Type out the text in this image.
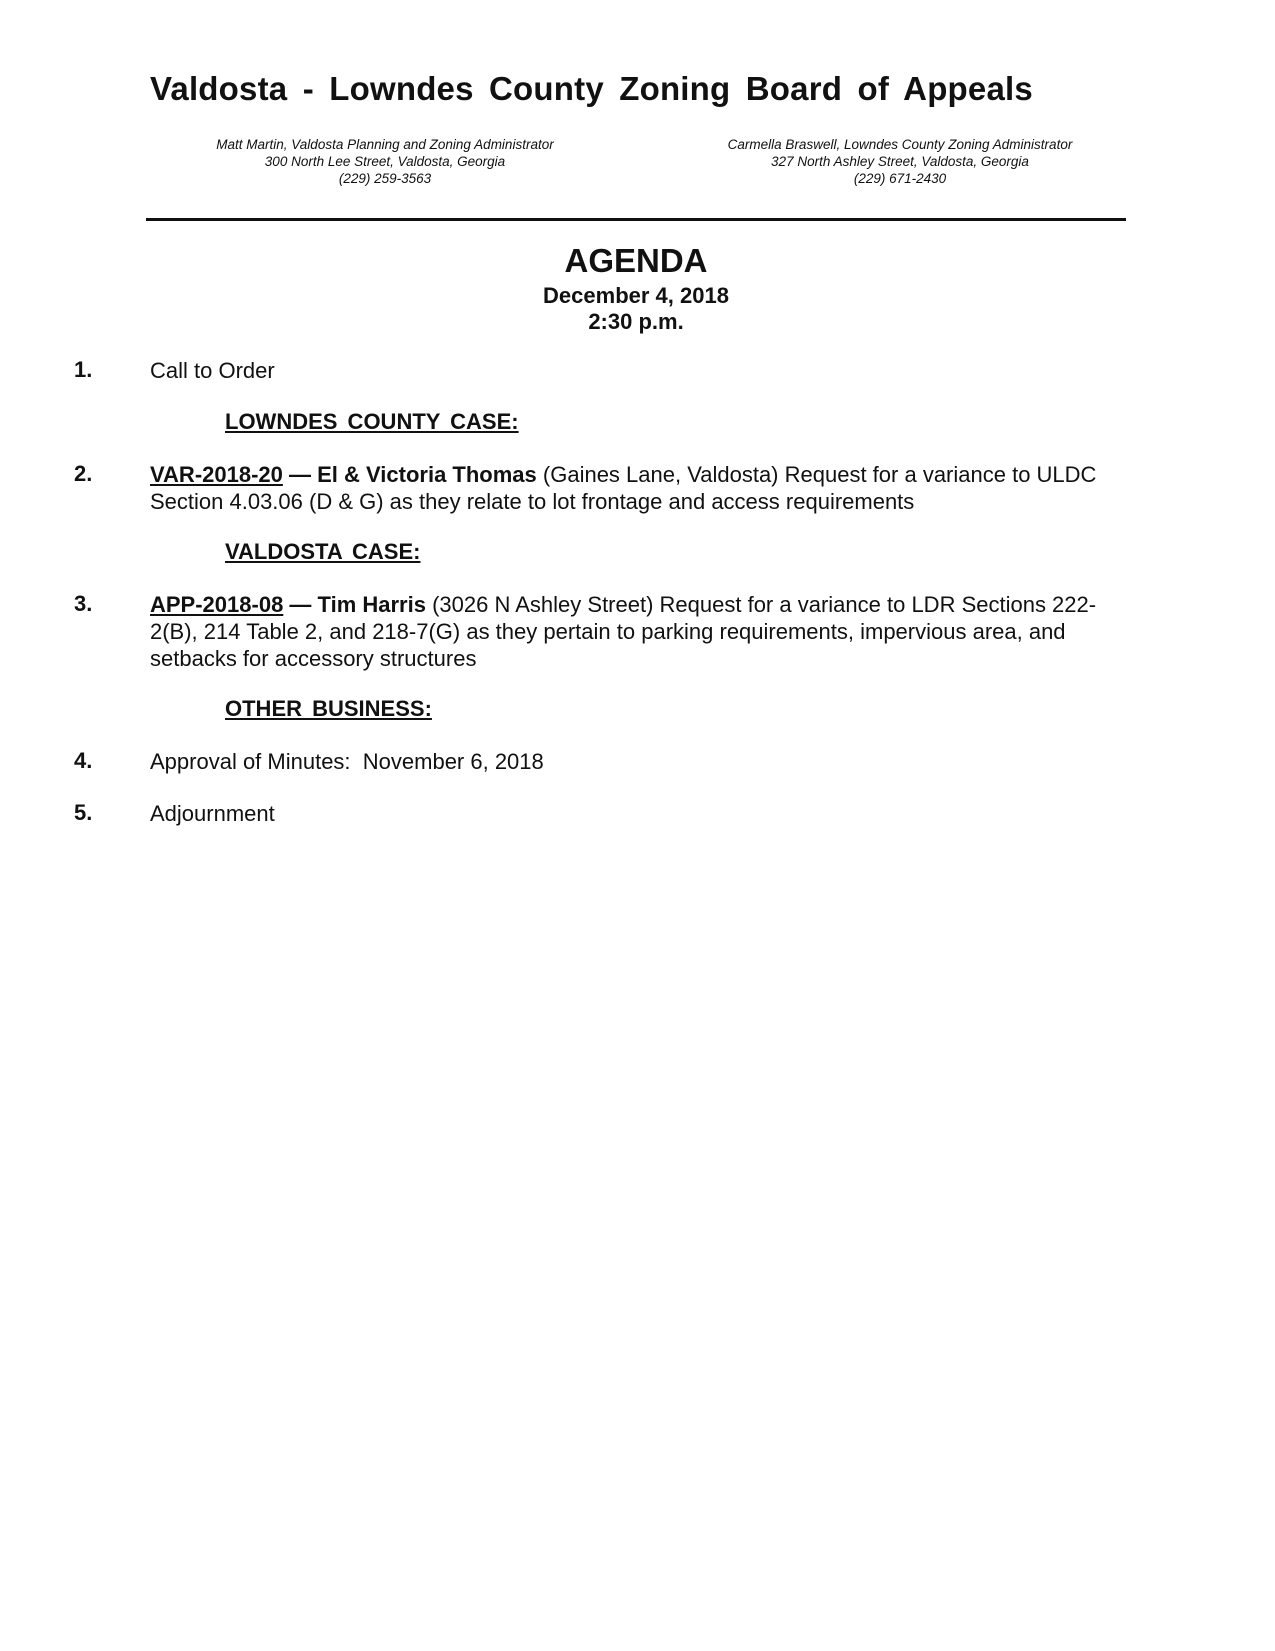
Valdosta - Lowndes County Zoning Board of Appeals
Matt Martin, Valdosta Planning and Zoning Administrator
300 North Lee Street, Valdosta, Georgia
(229) 259-3563
Carmella Braswell, Lowndes County Zoning Administrator
327 North Ashley Street, Valdosta, Georgia
(229) 671-2430
AGENDA
December 4, 2018
2:30 p.m.
1.	Call to Order
LOWNDES COUNTY CASE:
2.	VAR-2018-20 — El & Victoria Thomas (Gaines Lane, Valdosta) Request for a variance to ULDC Section 4.03.06 (D & G) as they relate to lot frontage and access requirements
VALDOSTA CASE:
3.	APP-2018-08 — Tim Harris (3026 N Ashley Street) Request for a variance to LDR Sections 222-2(B), 214 Table 2, and 218-7(G) as they pertain to parking requirements, impervious area, and setbacks for accessory structures
OTHER BUSINESS:
4.	Approval of Minutes:  November 6, 2018
5.	Adjournment
